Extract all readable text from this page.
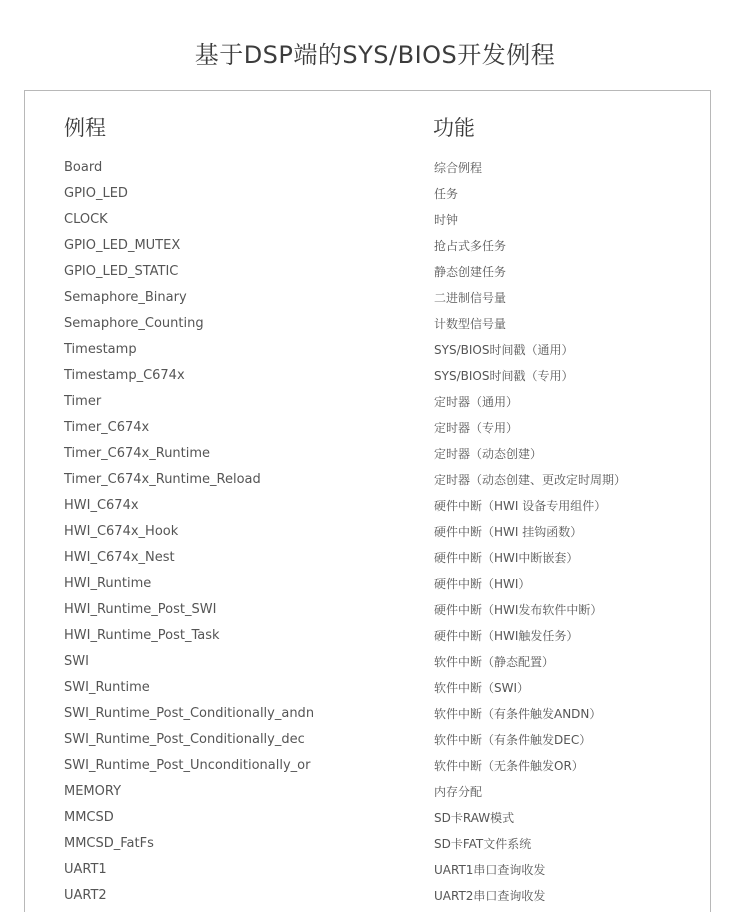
基于DSP端的SYS/BIOS开发例程
例程	功能
Board	综合例程
GPIO_LED	任务
CLOCK	时钟
GPIO_LED_MUTEX	抢占式多任务
GPIO_LED_STATIC	静态创建任务
Semaphore_Binary	二进制信号量
Semaphore_Counting	计数型信号量
Timestamp	SYS/BIOS时间戳（通用）
Timestamp_C674x	SYS/BIOS时间戳（专用）
Timer	定时器（通用）
Timer_C674x	定时器（专用）
Timer_C674x_Runtime	定时器（动态创建）
Timer_C674x_Runtime_Reload	定时器（动态创建、更改定时周期）
HWI_C674x	硬件中断（HWI 设备专用组件）
HWI_C674x_Hook	硬件中断（HWI 挂钩函数）
HWI_C674x_Nest	硬件中断（HWI中断嵌套）
HWI_Runtime	硬件中断（HWI）
HWI_Runtime_Post_SWI	硬件中断（HWI发布软件中断）
HWI_Runtime_Post_Task	硬件中断（HWI触发任务）
SWI	软件中断（静态配置）
SWI_Runtime	软件中断（SWI）
SWI_Runtime_Post_Conditionally_andn	软件中断（有条件触发ANDN）
SWI_Runtime_Post_Conditionally_dec	软件中断（有条件触发DEC）
SWI_Runtime_Post_Unconditionally_or	软件中断（无条件触发OR）
MEMORY	内存分配
MMCSD	SD卡RAW模式
MMCSD_FatFs	SD卡FAT文件系统
UART1	UART1串口查询收发
UART2	UART2串口查询收发
